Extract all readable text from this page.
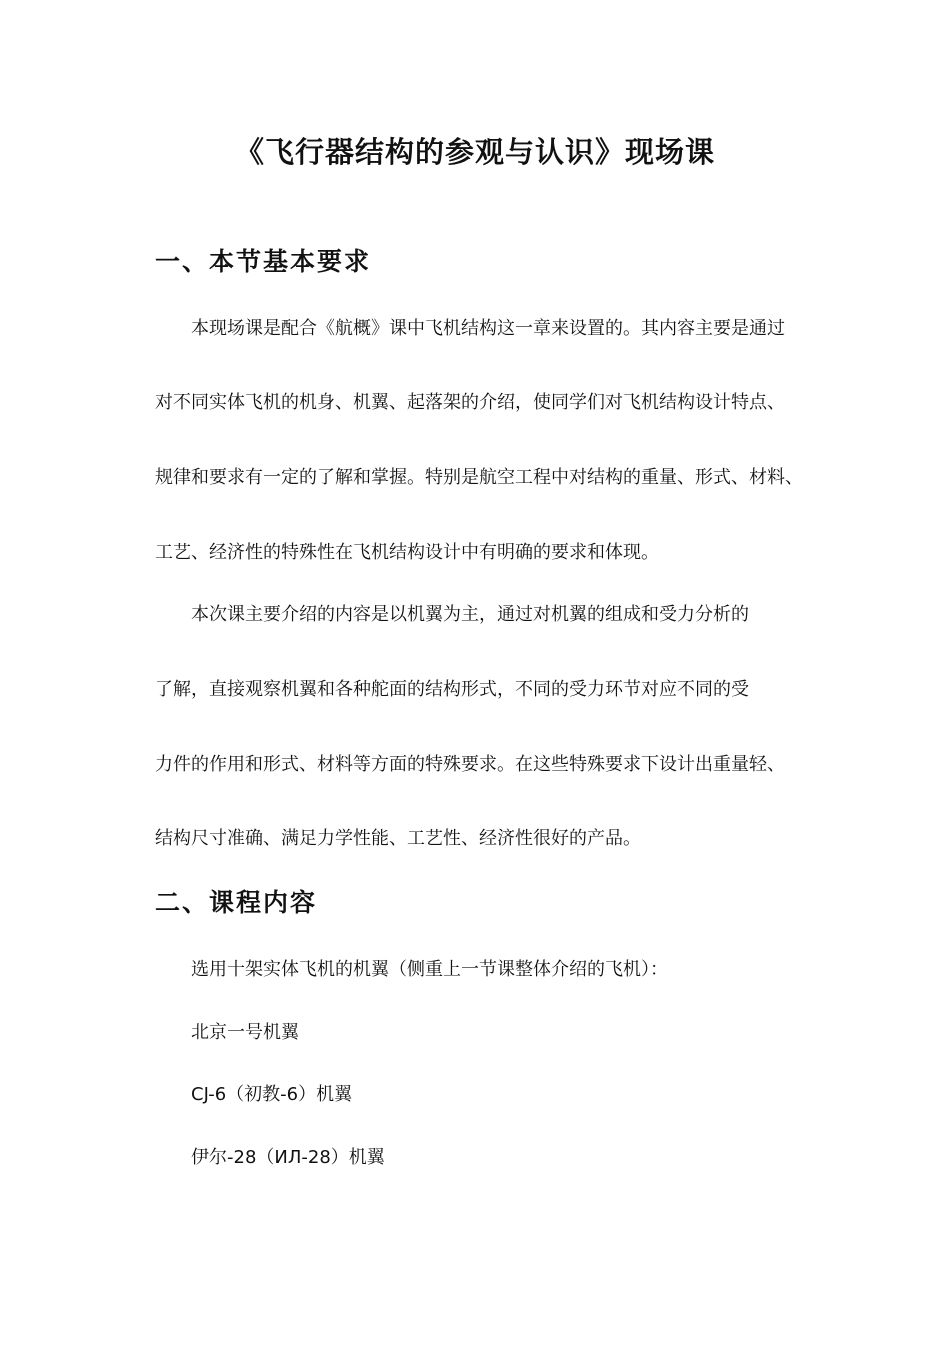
《飞行器结构的参观与认识》现场课
一、本节基本要求
本现场课是配合《航概》课中飞机结构这一章来设置的。其内容主要是通过
对不同实体飞机的机身、机翼、起落架的介绍，使同学们对飞机结构设计特点、
规律和要求有一定的了解和掌握。特别是航空工程中对结构的重量、形式、材料、
工艺、经济性的特殊性在飞机结构设计中有明确的要求和体现。
本次课主要介绍的内容是以机翼为主，通过对机翼的组成和受力分析的
了解，直接观察机翼和各种舵面的结构形式，不同的受力环节对应不同的受
力件的作用和形式、材料等方面的特殊要求。在这些特殊要求下设计出重量轻、
结构尺寸准确、满足力学性能、工艺性、经济性很好的产品。
二、课程内容
选用十架实体飞机的机翼（侧重上一节课整体介绍的飞机）：
北京一号机翼
CJ-6（初教-6）机翼
伊尔-28（ИЛ-28）机翼
